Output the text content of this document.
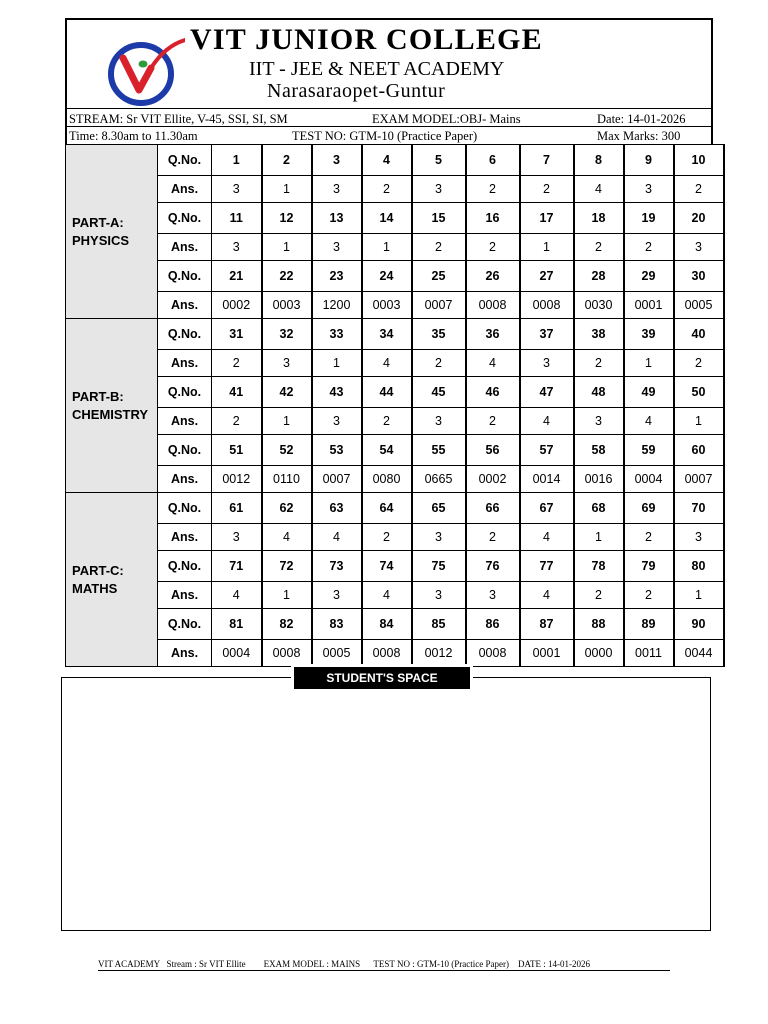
VIT JUNIOR COLLEGE
IIT - JEE & NEET ACADEMY
Narasaraopet-Guntur
STREAM: Sr VIT Ellite, V-45, SSI, SI, SM	EXAM MODEL:OBJ- Mains	Date: 14-01-2026
Time: 8.30am to 11.30am	TEST NO: GTM-10 (Practice Paper)	Max Marks: 300
PART-A:
PHYSICS	Q.No.	1	2	3	4	5	6	7	8	9	10
	Ans.	3	1	3	2	3	2	2	4	3	2
	Q.No.	11	12	13	14	15	16	17	18	19	20
	Ans.	3	1	3	1	2	2	1	2	2	3
	Q.No.	21	22	23	24	25	26	27	28	29	30
	Ans.	0002	0003	1200	0003	0007	0008	0008	0030	0001	0005
PART-B:
CHEMISTRY	Q.No.	31	32	33	34	35	36	37	38	39	40
	Ans.	2	3	1	4	2	4	3	2	1	2
	Q.No.	41	42	43	44	45	46	47	48	49	50
	Ans.	2	1	3	2	3	2	4	3	4	1
	Q.No.	51	52	53	54	55	56	57	58	59	60
	Ans.	0012	0110	0007	0080	0665	0002	0014	0016	0004	0007
PART-C:
MATHS	Q.No.	61	62	63	64	65	66	67	68	69	70
	Ans.	3	4	4	2	3	2	4	1	2	3
	Q.No.	71	72	73	74	75	76	77	78	79	80
	Ans.	4	1	3	4	3	3	4	2	2	1
	Q.No.	81	82	83	84	85	86	87	88	89	90
	Ans.	0004	0008	0005	0008	0012	0008	0001	0000	0011	0044
STUDENT'S SPACE
VIT ACADEMY   Stream : Sr VIT Ellite        EXAM MODEL : MAINS      TEST NO : GTM-10 (Practice Paper)    DATE : 14-01-2026
